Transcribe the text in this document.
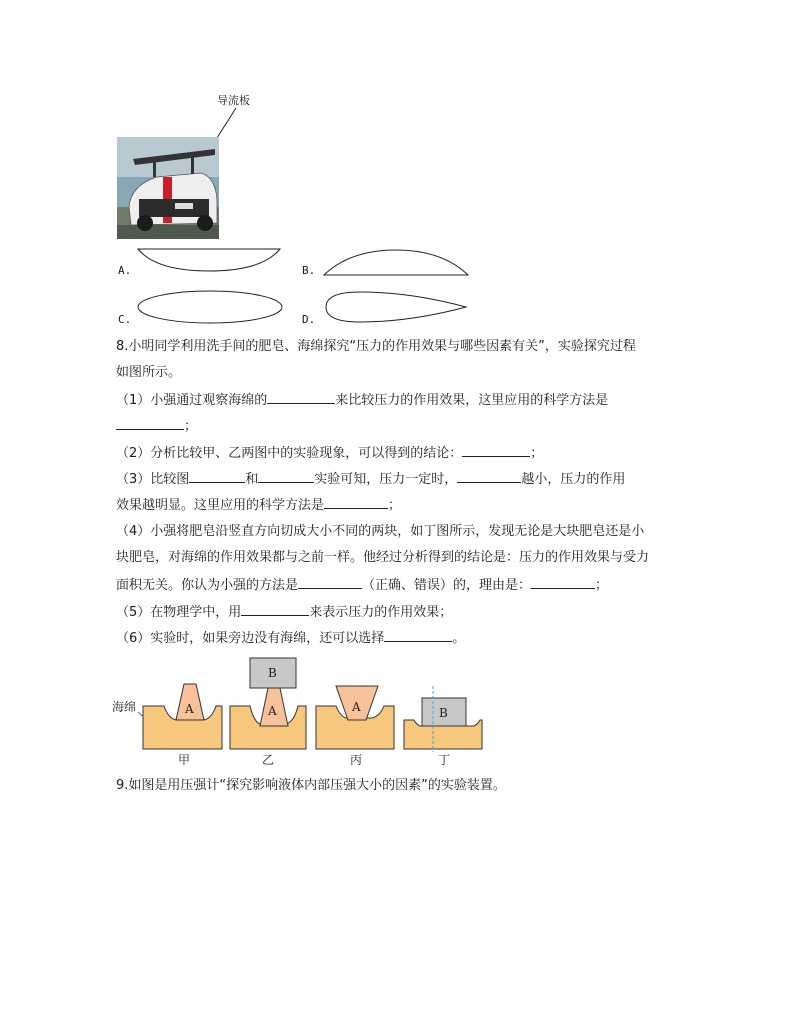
导流板
A.	B.
C.	D.
8.小明同学利用洗手间的肥皂、海绵探究“压力的作用效果与哪些因素有关”，实验探究过程
如图所示。
（1）小强通过观察海绵的	来比较压力的作用效果，这里应用的科学方法是
；
（2）分析比较甲、乙两图中的实验现象，可以得到的结论：	；
（3）比较图	和	实验可知，压力一定时，	越小，压力的作用
效果越明显。这里应用的科学方法是	；
（4）小强将肥皂沿竖直方向切成大小不同的两块，如丁图所示，发现无论是大块肥皂还是小
块肥皂，对海绵的作用效果都与之前一样。他经过分析得到的结论是：压力的作用效果与受力
面积无关。你认为小强的方法是	（正确、错误）的，理由是：	；
（5）在物理学中，用	来表示压力的作用效果；
（6）实验时，如果旁边没有海绵，还可以选择	。
海绵	A
甲
B
A
乙
A
丙
B
丁
9.如图是用压强计“探究影响液体内部压强大小的因素”的实验装置。
